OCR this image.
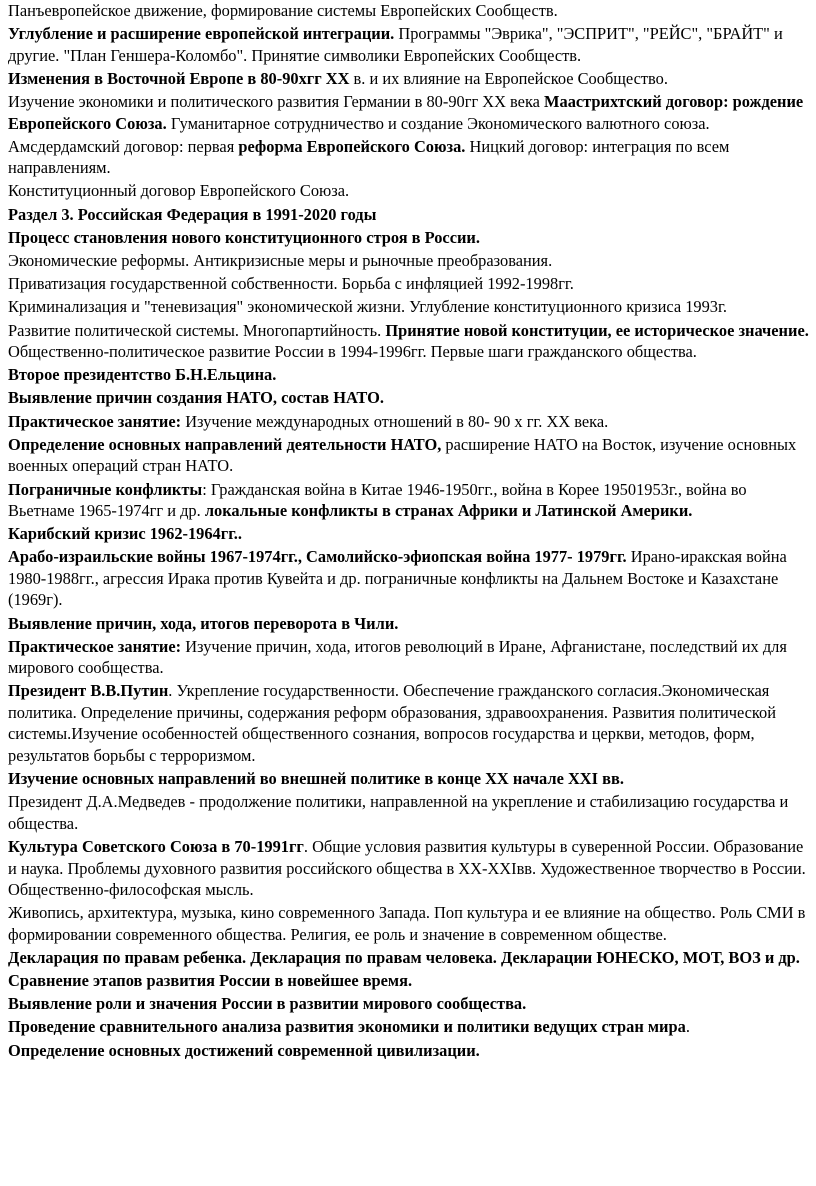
Панъевропейское движение, формирование системы Европейских Сообществ.

Углубление и расширение европейской интеграции. Программы "Эврика", "ЭСПРИТ", "РЕЙС", "БРАЙТ" и другие. "План Геншера-Коломбо". Принятие символики Европейских Сообществ.

Изменения в Восточной Европе в 80-90хгг XX в. и их влияние на Европейское Сообщество.

Изучение экономики и политического развития Германии в 80-90гг XX века Маастрихтский договор: рождение Европейского Союза. Гуманитарное сотрудничество и создание Экономического валютного союза.

Амсдердамский договор: первая реформа Европейского Союза. Ницкий договор: интеграция по всем направлениям.

Конституционный договор Европейского Союза.

Раздел 3. Российская Федерация в 1991-2020 годы

Процесс становления нового конституционного строя в России.

Экономические реформы. Антикризисные меры и рыночные преобразования.

Приватизация государственной собственности. Борьба с инфляцией 1992-1998гг.

Криминализация и "теневизация" экономической жизни. Углубление конституционного кризиса 1993г.

Развитие политической системы. Многопартийность. Принятие новой конституции, ее историческое значение. Общественно-политическое развитие России в 1994-1996гг. Первые шаги гражданского общества.

Второе президентство Б.Н.Ельцина.

Выявление причин создания НАТО, состав НАТО.

Практическое занятие: Изучение международных отношений в 80- 90 х гг. XX века.

Определение основных направлений деятельности НАТО, расширение НАТО на Восток, изучение основных военных операций стран НАТО.

Пограничные конфликты: Гражданская война в Китае 1946-1950гг., война в Корее 19501953г., война во Вьетнаме 1965-1974гг и др. локальные конфликты в странах Африки и Латинской Америки.

Карибский кризис 1962-1964гг..

Арабо-израильские войны 1967-1974гг., Самолийско-эфиопская война 1977- 1979гг. Ирано-иракская война 1980-1988гг., агрессия Ирака против Кувейта и др. пограничные конфликты на Дальнем Востоке и Казахстане (1969г).

Выявление причин, хода, итогов переворота в Чили.

Практическое занятие: Изучение причин, хода, итогов революций в Иране, Афганистане, последствий их для мирового сообщества.

Президент В.В.Путин. Укрепление государственности. Обеспечение гражданского согласия.Экономическая политика. Определение причины, содержания реформ образования, здравоохранения. Развития политической системы.Изучение особенностей общественного сознания, вопросов государства и церкви, методов, форм, результатов борьбы с терроризмом.

Изучение основных направлений во внешней политике в конце XX начале XXI вв.

Президент Д.А.Медведев - продолжение политики, направленной на укрепление и стабилизацию государства и общества.

Культура Советского Союза в 70-1991гг. Общие условия развития культуры в суверенной России. Образование и наука. Проблемы духовного развития российского общества в XX-XXIвв. Художественное творчество в России. Общественно-философская мысль.

Живопись, архитектура, музыка, кино современного Запада. Поп культура и ее влияние на общество. Роль СМИ в формировании современного общества. Религия, ее роль и значение в современном обществе.

Декларация по правам ребенка. Декларация по правам человека. Декларации ЮНЕСКО, МОТ, ВОЗ и др.

Сравнение этапов развития России в новейшее время.

Выявление роли и значения России в развитии мирового сообщества.

Проведение сравнительного анализа развития экономики и политики ведущих стран мира.

Определение основных достижений современной цивилизации.
